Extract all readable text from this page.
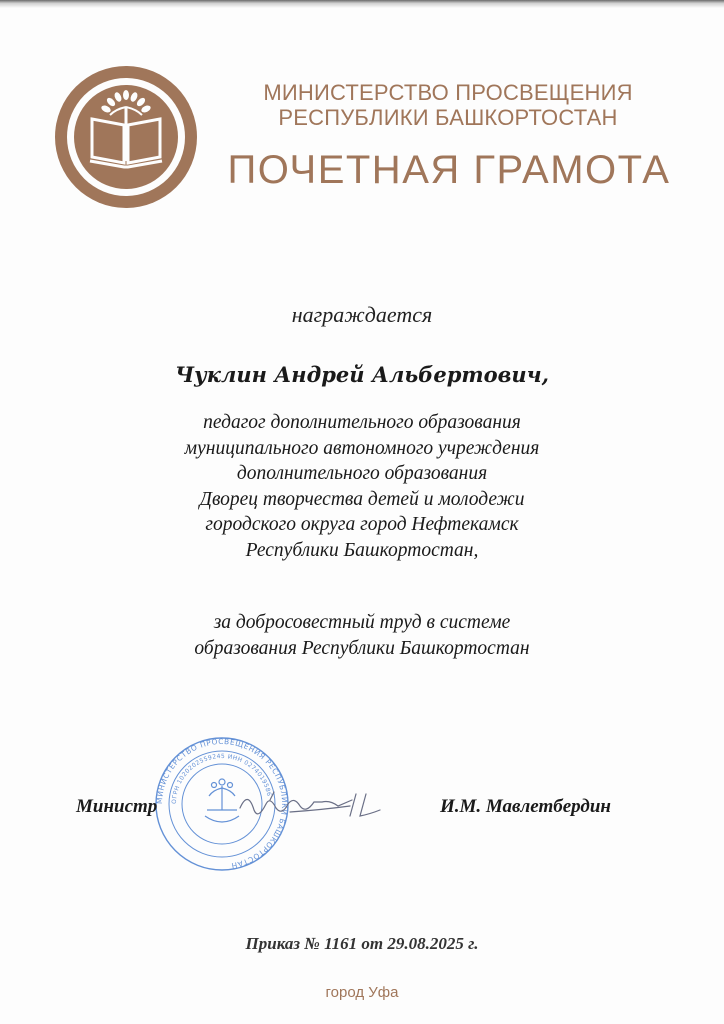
МИНИСТЕРСТВО ПРОСВЕЩЕНИЯ
РЕСПУБЛИКИ БАШКОРТОСТАН
ПОЧЕТНАЯ ГРАМОТА
награждается
Чуклин Андрей Альбертович,
педагог дополнительного образования
муниципального автономного учреждения
дополнительного образования
Дворец творчества детей и молодежи
городского округа город Нефтекамск
Республики Башкортостан,
за добросовестный труд в системе
образования Республики Башкортостан
МИНИСТЕРСТВО ПРОСВЕЩЕНИЯ РЕСПУБЛИКИ БАШКОРТОСТАН
ОГРН 1020202559245 ИНН 0274019586
Министр	И.М. Мавлетбердин
Приказ № 1161 от 29.08.2025 г.
город Уфа
